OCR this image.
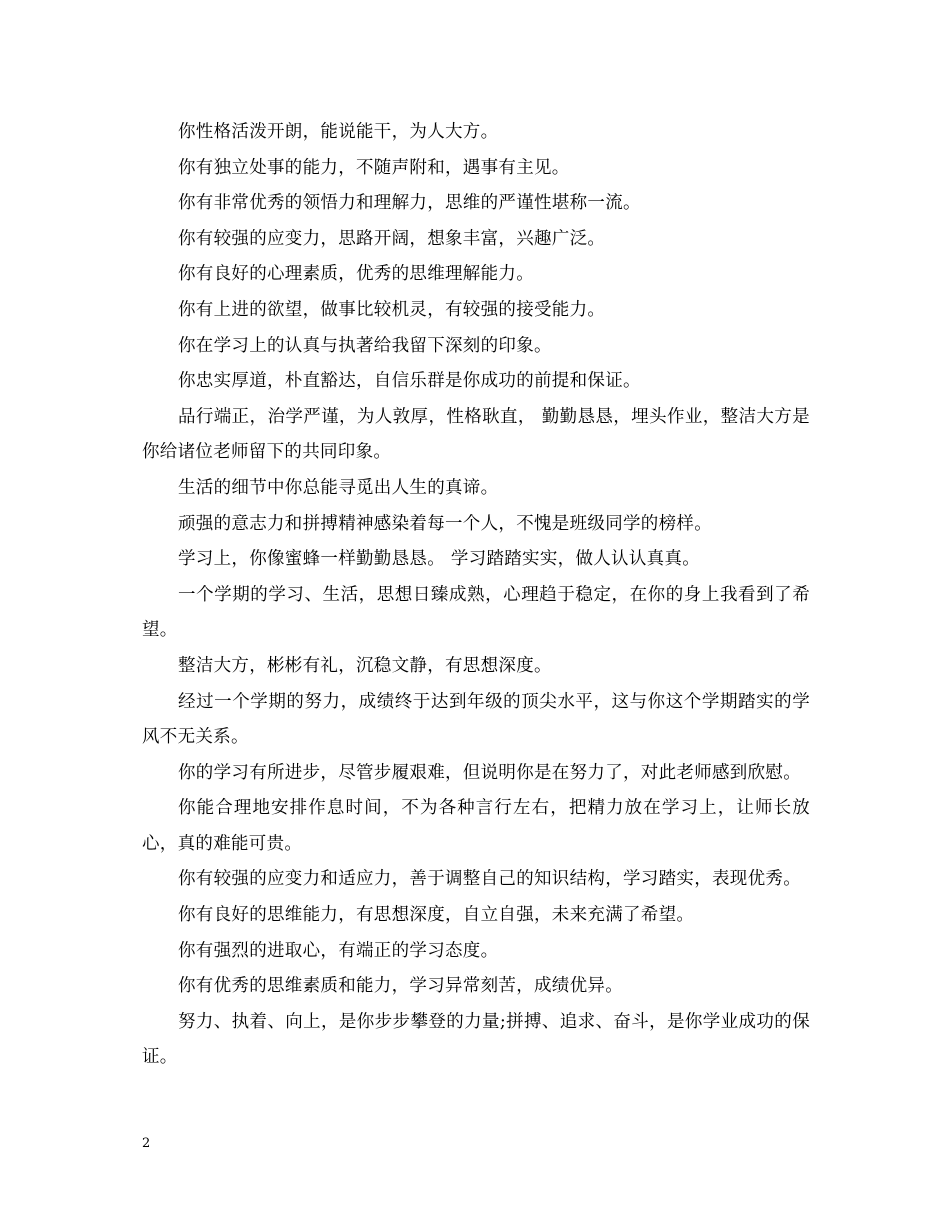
你性格活泼开朗，能说能干，为人大方。

你有独立处事的能力，不随声附和，遇事有主见。

你有非常优秀的领悟力和理解力，思维的严谨性堪称一流。

你有较强的应变力，思路开阔，想象丰富，兴趣广泛。

你有良好的心理素质，优秀的思维理解能力。

你有上进的欲望，做事比较机灵，有较强的接受能力。

你在学习上的认真与执著给我留下深刻的印象。

你忠实厚道，朴直豁达，自信乐群是你成功的前提和保证。

品行端正，治学严谨，为人敦厚，性格耿直， 勤勤恳恳，埋头作业，整洁大方是你给诸位老师留下的共同印象。

生活的细节中你总能寻觅出人生的真谛。

顽强的意志力和拼搏精神感染着每一个人，不愧是班级同学的榜样。

学习上，你像蜜蜂一样勤勤恳恳。 学习踏踏实实，做人认认真真。

一个学期的学习、生活，思想日臻成熟，心理趋于稳定，在你的身上我看到了希望。

整洁大方，彬彬有礼，沉稳文静，有思想深度。

经过一个学期的努力，成绩终于达到年级的顶尖水平，这与你这个学期踏实的学风不无关系。

你的学习有所进步，尽管步履艰难，但说明你是在努力了，对此老师感到欣慰。

你能合理地安排作息时间，不为各种言行左右，把精力放在学习上，让师长放心，真的难能可贵。

你有较强的应变力和适应力，善于调整自己的知识结构，学习踏实，表现优秀。

你有良好的思维能力，有思想深度，自立自强，未来充满了希望。

你有强烈的进取心，有端正的学习态度。

你有优秀的思维素质和能力，学习异常刻苦，成绩优异。

努力、执着、向上，是你步步攀登的力量;拼搏、追求、奋斗，是你学业成功的保证。

2
